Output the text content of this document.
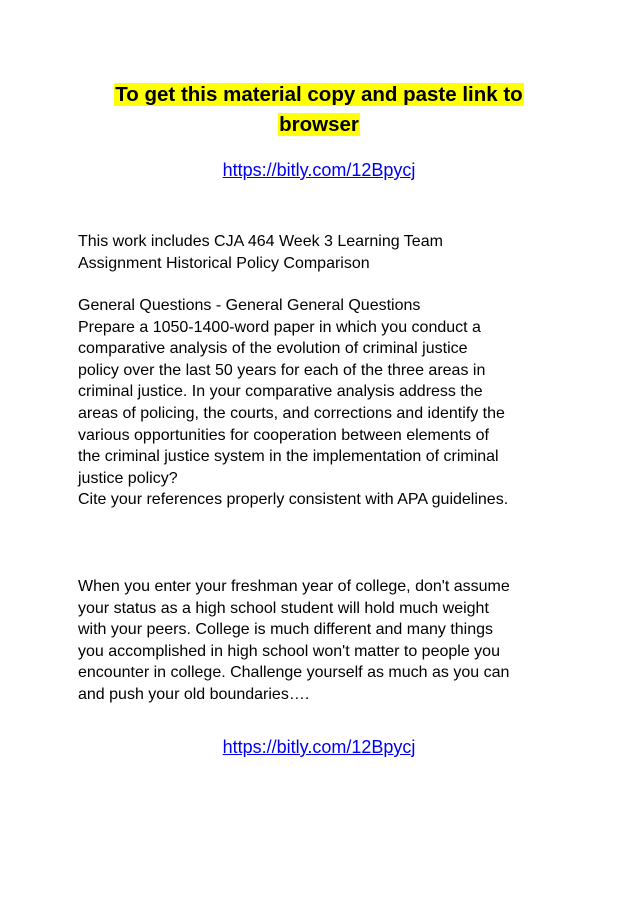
To get this material copy and paste link to

browser

https://bitly.com/12Bpycj
This work includes CJA 464 Week 3 Learning Team
Assignment Historical Policy Comparison
General Questions - General General Questions
Prepare a 1050-1400-word paper in which you conduct a
comparative analysis of the evolution of criminal justice
policy over the last 50 years for each of the three areas in
criminal justice. In your comparative analysis address the
areas of policing, the courts, and corrections and identify the
various opportunities for cooperation between elements of
the criminal justice system in the implementation of criminal
justice policy?
Cite your references properly consistent with APA guidelines.
When you enter your freshman year of college, don't assume
your status as a high school student will hold much weight
with your peers. College is much different and many things
you accomplished in high school won't matter to people you
encounter in college. Challenge yourself as much as you can
and push your old boundaries….
https://bitly.com/12Bpycj
